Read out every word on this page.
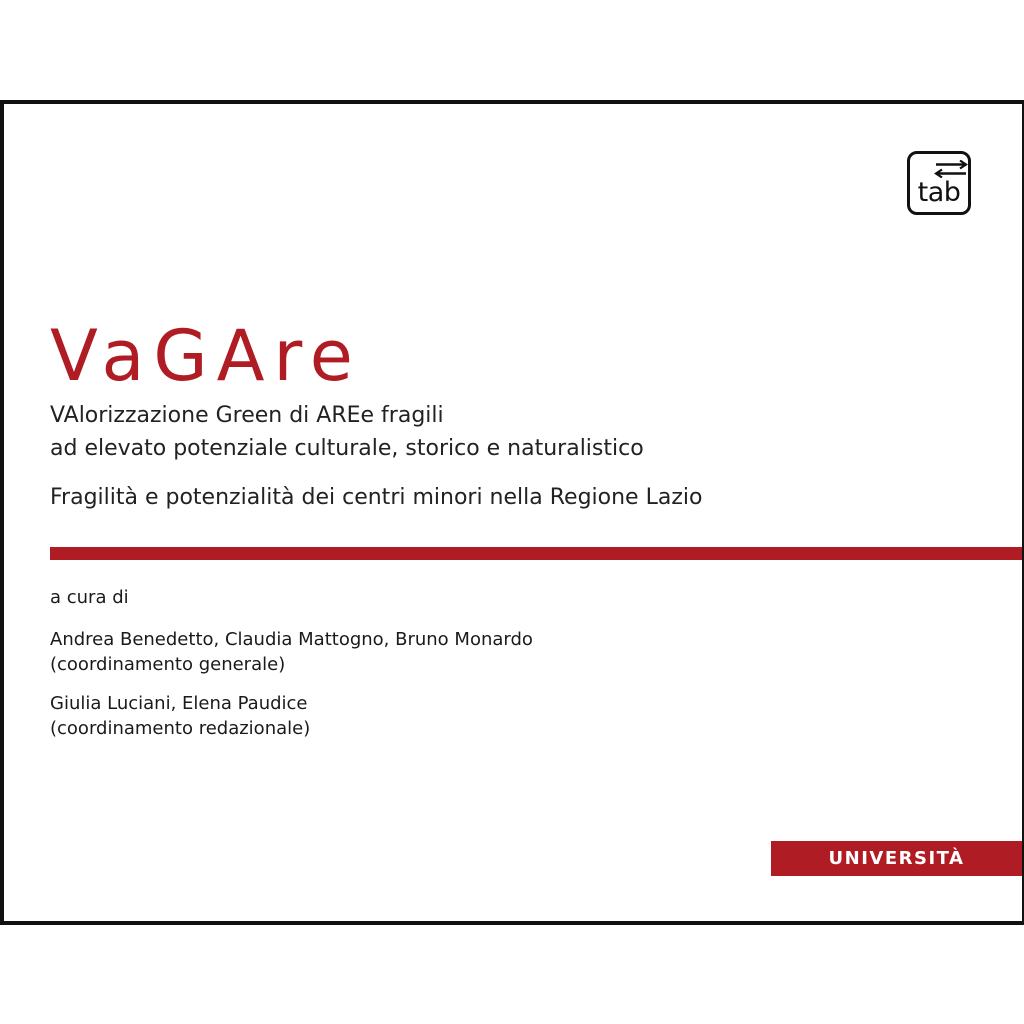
tab
VaGAre
VAlorizzazione Green di AREe fragili
ad elevato potenziale culturale, storico e naturalistico
Fragilità e potenzialità dei centri minori nella Regione Lazio
a cura di
Andrea Benedetto, Claudia Mattogno, Bruno Monardo
(coordinamento generale)
Giulia Luciani, Elena Paudice
(coordinamento redazionale)
UNIVERSITÀ
